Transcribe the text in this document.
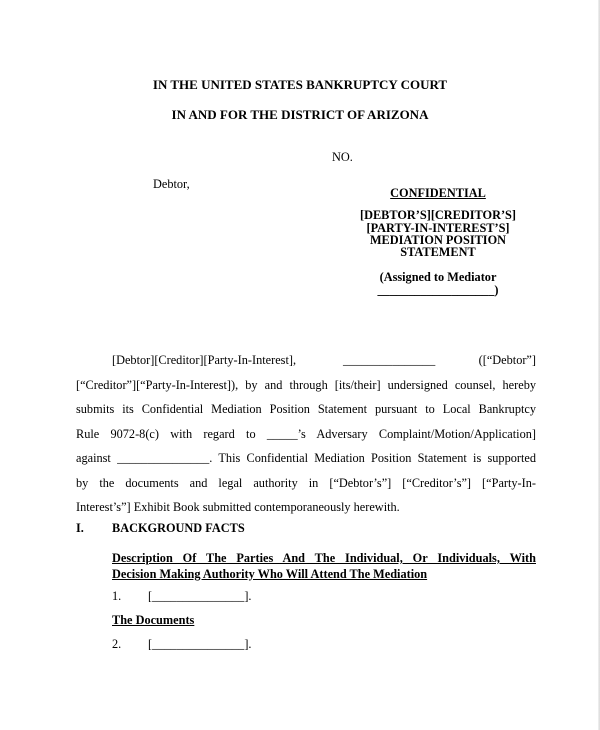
IN THE UNITED STATES BANKRUPTCY COURT
IN AND FOR THE DISTRICT OF ARIZONA
NO.
Debtor,
CONFIDENTIAL
[DEBTOR’S][CREDITOR’S]
[PARTY-IN-INTEREST’S]
MEDIATION POSITION
STATEMENT
(Assigned to Mediator
___________________)
[Debtor][Creditor][Party-In-Interest],	_______________	([“Debtor”]
[“Creditor”][“Party-In-Interest]), by and through [its/their] undersigned counsel, hereby
submits its Confidential Mediation Position Statement pursuant to Local Bankruptcy
Rule 9072-8(c) with regard to _____’s Adversary Complaint/Motion/Application]
against _______________. This Confidential Mediation Position Statement is supported
by the documents and legal authority in [“Debtor’s”] [“Creditor’s”] [“Party-In-
Interest’s”] Exhibit Book submitted contemporaneously herewith.
I. BACKGROUND FACTS
Description Of The Parties And The Individual, Or Individuals, With
Decision Making Authority Who Will Attend The Mediation
1. [_______________].
The Documents
2. [_______________].
